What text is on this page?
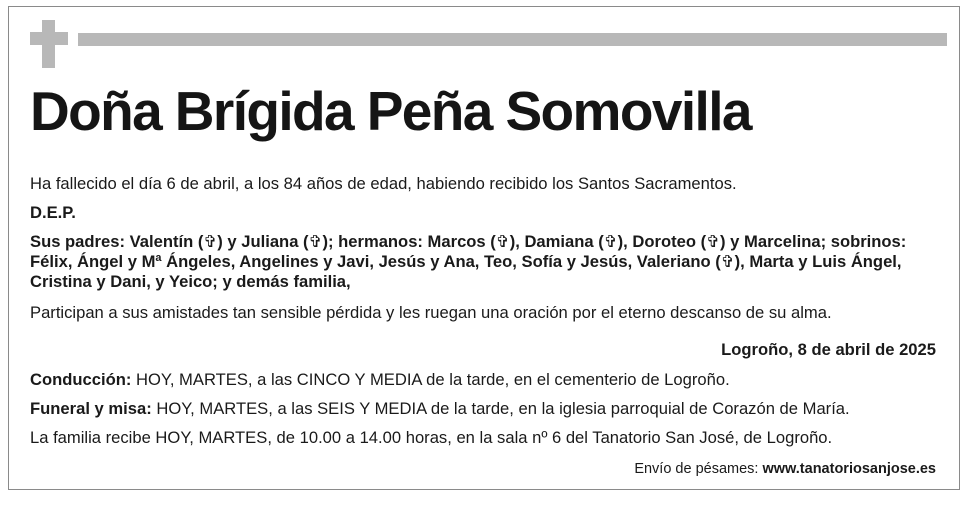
Doña Brígida Peña Somovilla

Ha fallecido el día 6 de abril, a los 84 años de edad, habiendo recibido los Santos Sacramentos.

D.E.P.

Sus padres: Valentín (✞) y Juliana (✞); hermanos: Marcos (✞), Damiana (✞), Doroteo (✞) y Marcelina; sobrinos: Félix, Ángel y Mª Ángeles, Angelines y Javi, Jesús y Ana, Teo, Sofía y Jesús, Valeriano (✞), Marta y Luis Ángel, Cristina y Dani, y Yeico; y demás familia,

Participan a sus amistades tan sensible pérdida y les ruegan una oración por el eterno descanso de su alma.

Logroño, 8 de abril de 2025

Conducción: HOY, MARTES, a las CINCO Y MEDIA de la tarde, en el cementerio de Logroño.

Funeral y misa: HOY, MARTES, a las SEIS Y MEDIA de la tarde, en la iglesia parroquial de Corazón de María.

La familia recibe HOY, MARTES, de 10.00 a 14.00 horas, en la sala nº 6 del Tanatorio San José, de Logroño.

Envío de pésames: www.tanatoriosanjose.es
